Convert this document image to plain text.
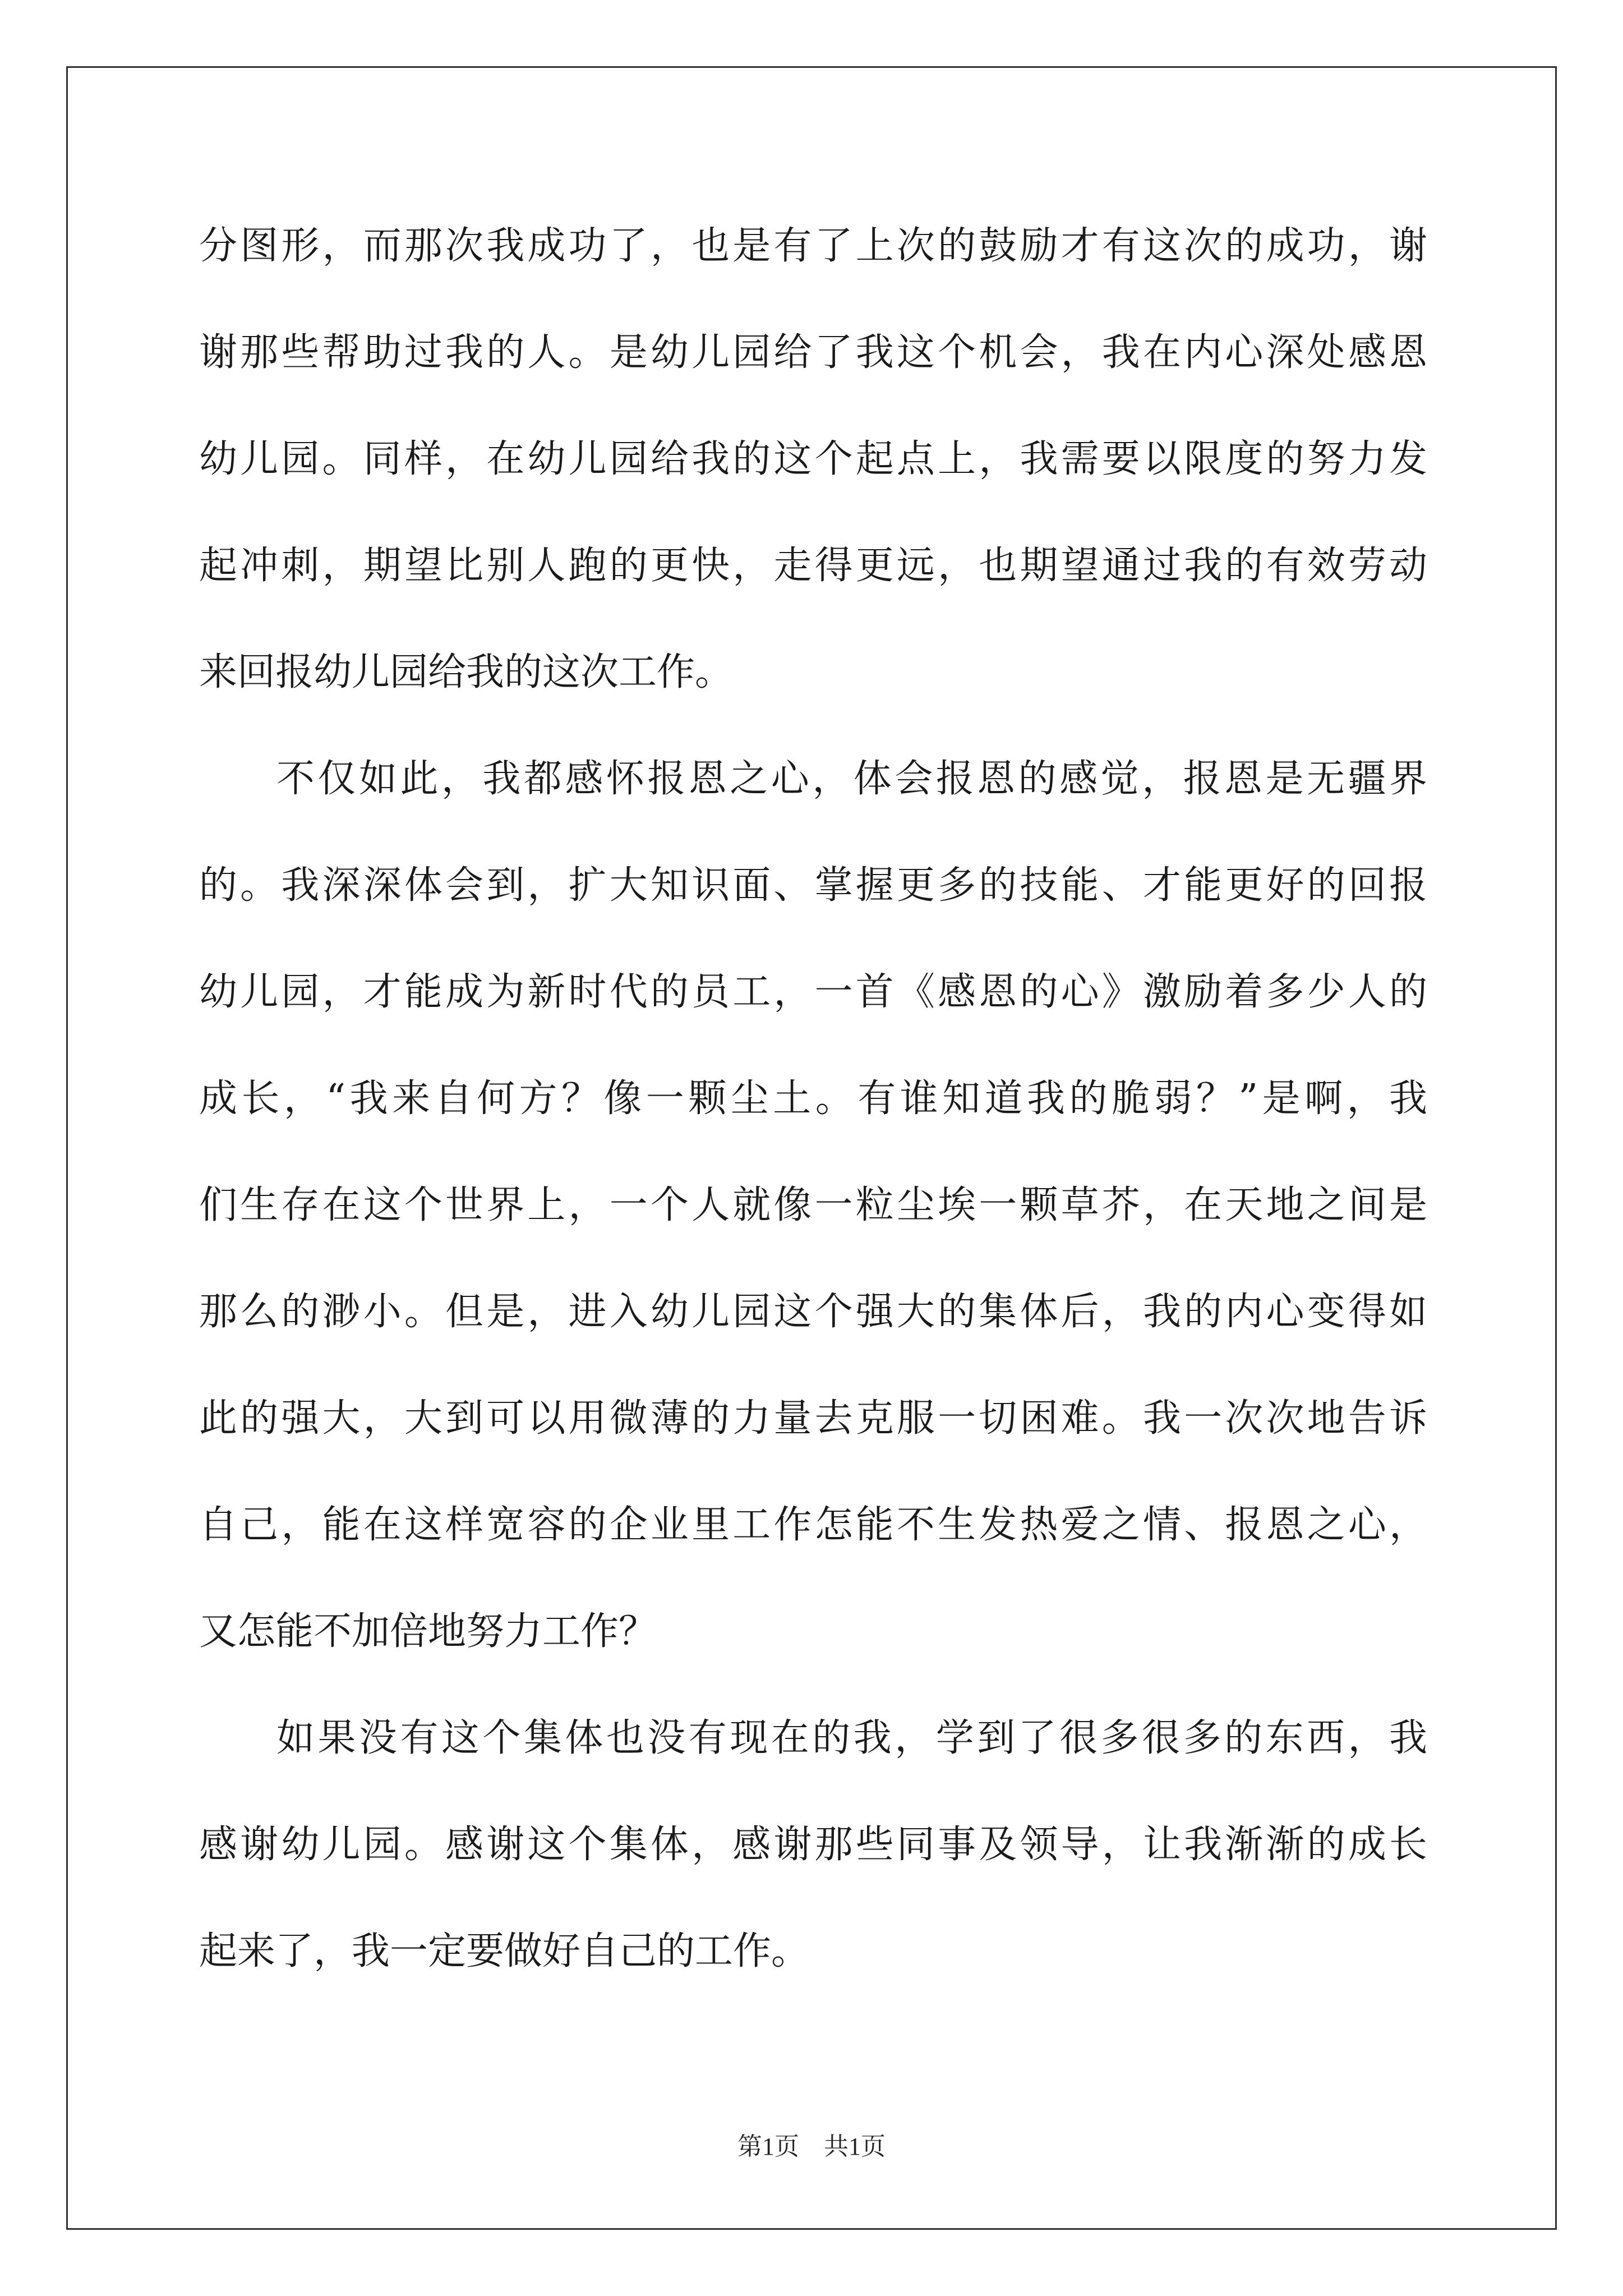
分图形，而那次我成功了，也是有了上次的鼓励才有这次的成功，谢
谢那些帮助过我的人。是幼儿园给了我这个机会，我在内心深处感恩
幼儿园。同样，在幼儿园给我的这个起点上，我需要以限度的努力发
起冲刺，期望比别人跑的更快，走得更远，也期望通过我的有效劳动
来回报幼儿园给我的这次工作。
不仅如此，我都感怀报恩之心，体会报恩的感觉，报恩是无疆界
的。我深深体会到，扩大知识面、掌握更多的技能、才能更好的回报
幼儿园，才能成为新时代的员工，一首《感恩的心》激励着多少人的
成长，“我来自何方？像一颗尘土。有谁知道我的脆弱？”是啊，我
们生存在这个世界上，一个人就像一粒尘埃一颗草芥，在天地之间是
那么的渺小。但是，进入幼儿园这个强大的集体后，我的内心变得如
此的强大，大到可以用微薄的力量去克服一切困难。我一次次地告诉
自己，能在这样宽容的企业里工作怎能不生发热爱之情、报恩之心，
又怎能不加倍地努力工作？
如果没有这个集体也没有现在的我，学到了很多很多的东西，我
感谢幼儿园。感谢这个集体，感谢那些同事及领导，让我渐渐的成长
起来了，我一定要做好自己的工作。
第1页　共1页
